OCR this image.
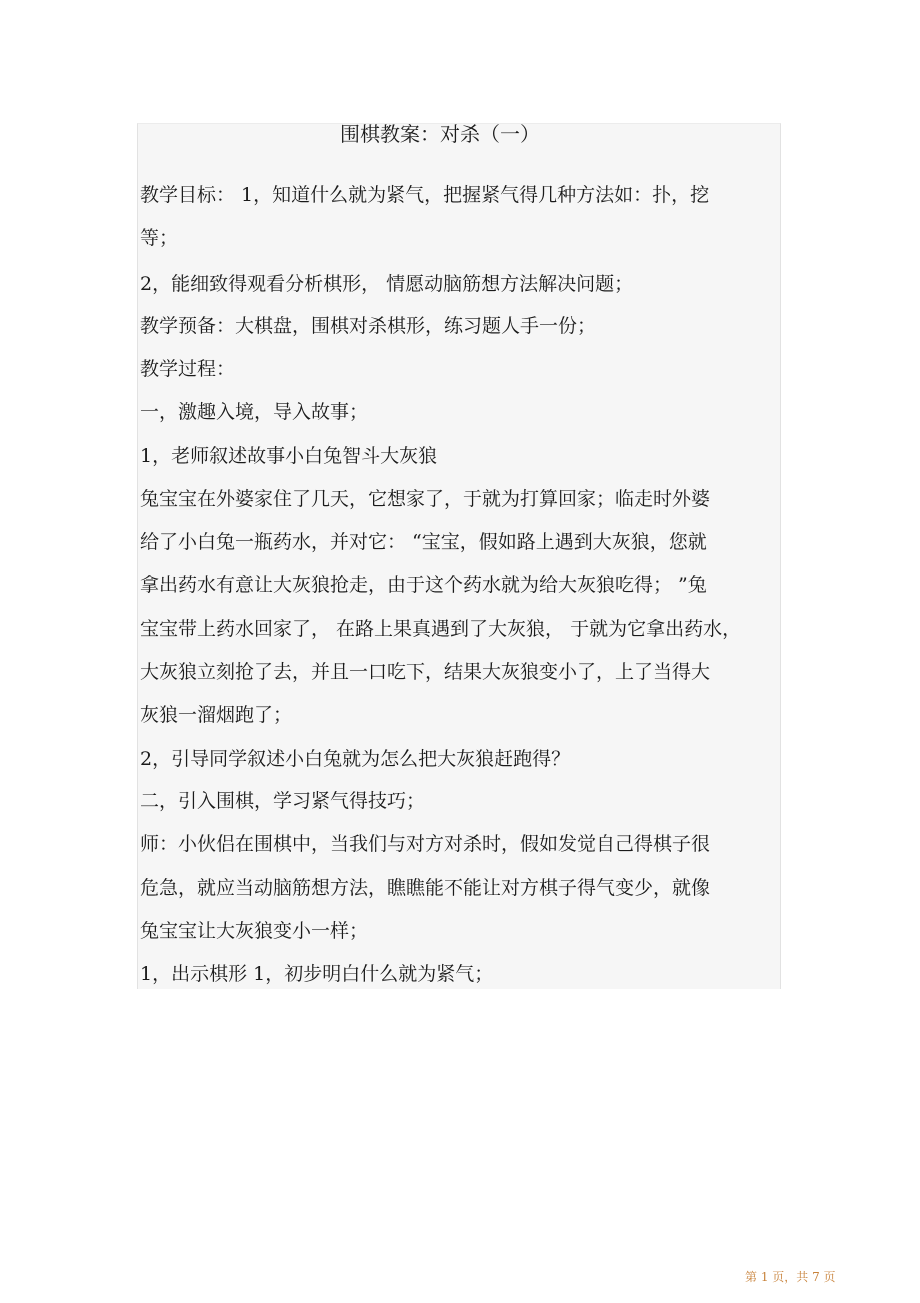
围棋教案：对杀（一）
教学目标： 1，知道什么就为紧气，把握紧气得几种方法如：扑，挖
等；
2，能细致得观看分析棋形， 情愿动脑筋想方法解决问题；
教学预备：大棋盘，围棋对杀棋形，练习题人手一份；
教学过程：
一，激趣入境，导入故事；
1，老师叙述故事小白兔智斗大灰狼
兔宝宝在外婆家住了几天，它想家了，于就为打算回家；临走时外婆
给了小白兔一瓶药水，并对它： “宝宝，假如路上遇到大灰狼，您就
拿出药水有意让大灰狼抢走，由于这个药水就为给大灰狼吃得； ”兔
宝宝带上药水回家了， 在路上果真遇到了大灰狼， 于就为它拿出药水，
大灰狼立刻抢了去，并且一口吃下，结果大灰狼变小了，上了当得大
灰狼一溜烟跑了；
2，引导同学叙述小白兔就为怎么把大灰狼赶跑得？
二，引入围棋，学习紧气得技巧；
师：小伙侣在围棋中，当我们与对方对杀时，假如发觉自己得棋子很
危急，就应当动脑筋想方法，瞧瞧能不能让对方棋子得气变少，就像
兔宝宝让大灰狼变小一样；
1，出示棋形 1，初步明白什么就为紧气；
第 1 页，共 7 页
